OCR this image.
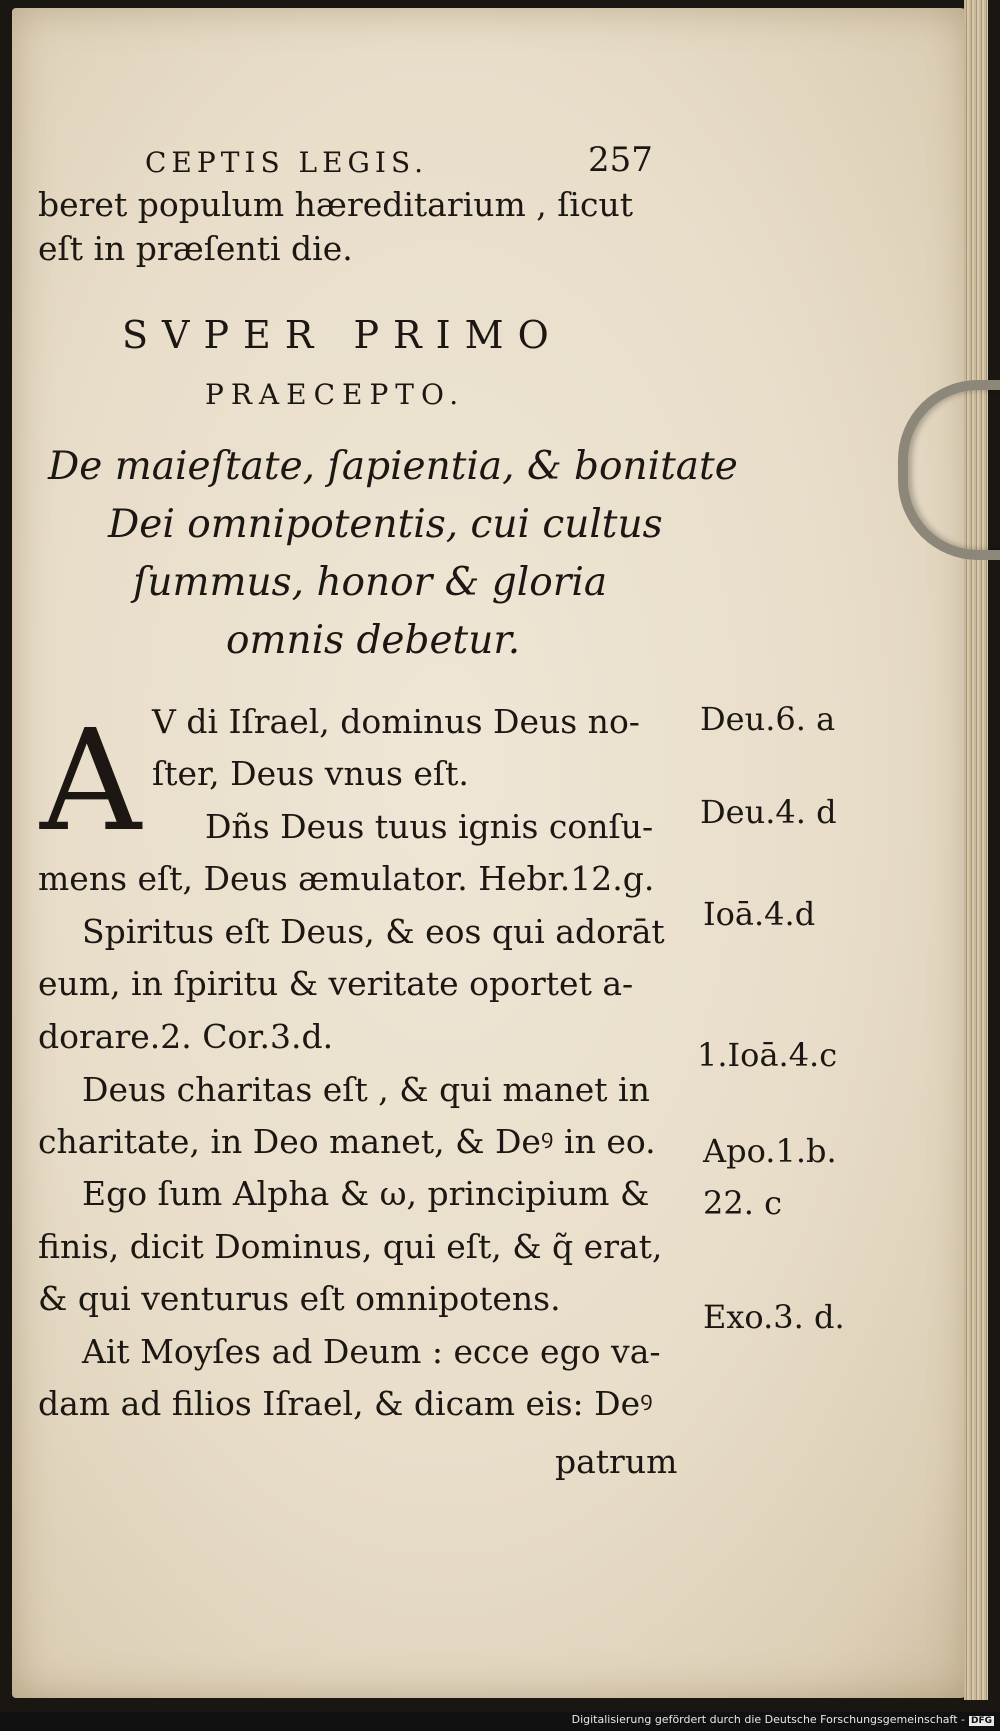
CEPTIS LEGIS.	257
beret populum hæreditarium , ſicut
eſt in præſenti die.
SVPER PRIMO
PRAECEPTO.
De maieſtate, ſapientia, & bonitate
Dei omnipotentis, cui cultus
ſummus, honor & gloria
omnis debetur.
A V di Iſrael, dominus Deus no-
ſter, Deus vnus eſt.
Dñs Deus tuus ignis conſu-
mens eſt, Deus æmulator. Hebr.12.g.
Spiritus eſt Deus, & eos qui adorāt
eum, in ſpiritu & veritate oportet a-
dorare.2. Cor.3.d.
Deus charitas eſt , & qui manet in
charitate, in Deo manet, & Deꝰ in eo.
Ego ſum Alpha & ω, principium &
finis, dicit Dominus, qui eſt, & q̃ erat,
& qui venturus eſt omnipotens.
Ait Moyſes ad Deum : ecce ego va-
dam ad filios Iſrael, & dicam eis: Deꝰ
patrum
Deu.6. a
Deu.4. d
Ioā.4.d
1.Ioā.4.c
Apo.1.b.
22. c
Exo.3. d.
Digitalisierung gefördert durch die Deutsche Forschungsgemeinschaft - DFG
